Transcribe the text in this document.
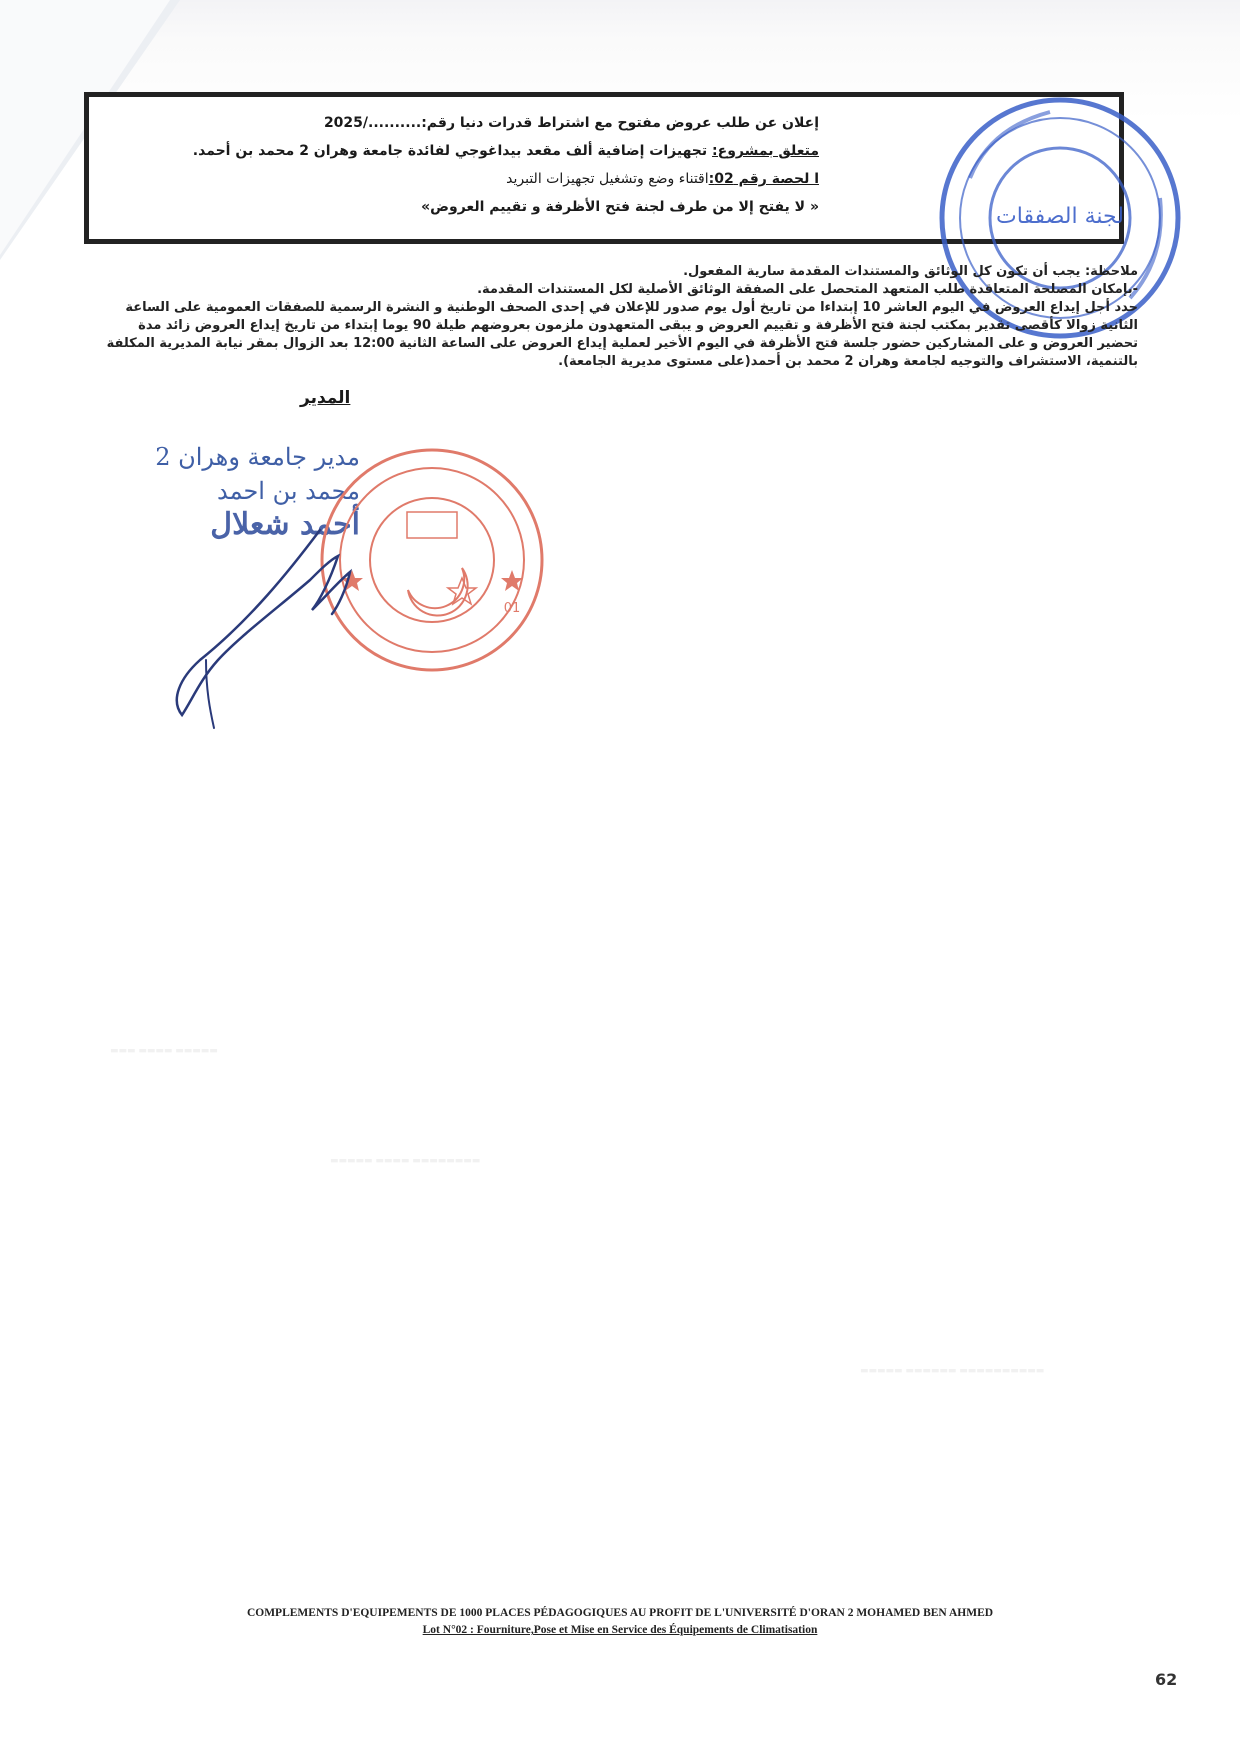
▬▬▬▬▬ ▬▬▬▬ ▬▬▬
▬▬▬▬▬▬▬▬ ▬▬▬▬ ▬▬▬▬▬
▬▬▬▬▬▬▬▬▬▬ ▬▬▬▬▬▬ ▬▬▬▬▬
إعلان عن طلب عروض مفتوح مع اشتراط قدرات دنيا رقم:........../2025
متعلق بمشروع: تجهيزات إضافية ألف مقعد بيداغوجي لفائدة جامعة وهران 2 محمد بن أحمد.
ا لحصة رقم 02:اقتناء وضع وتشغيل تجهيزات التبريد
« لا يفتح إلا من طرف لجنة فتح الأظرفة و تقييم العروض»	لجنة الصفقات

ملاحظة: يجب أن تكون كل الوثائق والمستندات المقدمة سارية المفعول.

-بإمكان المصلحة المتعاقدة طلب المتعهد المتحصل على الصفقة الوثائق الأصلية لكل المستندات المقدمة.

حدد أجل إيداع العروض في اليوم العاشر 10 إبتداءا من تاريخ أول يوم صدور للإعلان في إحدى الصحف الوطنية و النشرة الرسمية للصفقات العمومية على الساعة الثانية زوالا كأقصى تقدير بمكتب لجنة فتح الأظرفة و تقييم العروض و يبقى المتعهدون ملزمون بعروضهم طيلة 90 يوما إبتداء من تاريخ إيداع العروض زائد مدة تحضير العروض و على المشاركين حضور جلسة فتح الأظرفة في اليوم الأخير لعملية إيداع العروض على الساعة الثانية 12:00 بعد الزوال بمقر نيابة المديرية المكلفة بالتنمية، الاستشراف والتوجيه لجامعة وهران 2 محمد بن أحمد(على مستوى مديرية الجامعة).

المدير
مدير جامعة وهران 2
محمد بن احمد
أحمد شعلال
01
COMPLEMENTS D'EQUIPEMENTS DE 1000 PLACES PÉDAGOGIQUES AU PROFIT DE L'UNIVERSITÉ D'ORAN 2 MOHAMED BEN AHMED
Lot N°02 : Fourniture,Pose et Mise en Service des Équipements de Climatisation
62
